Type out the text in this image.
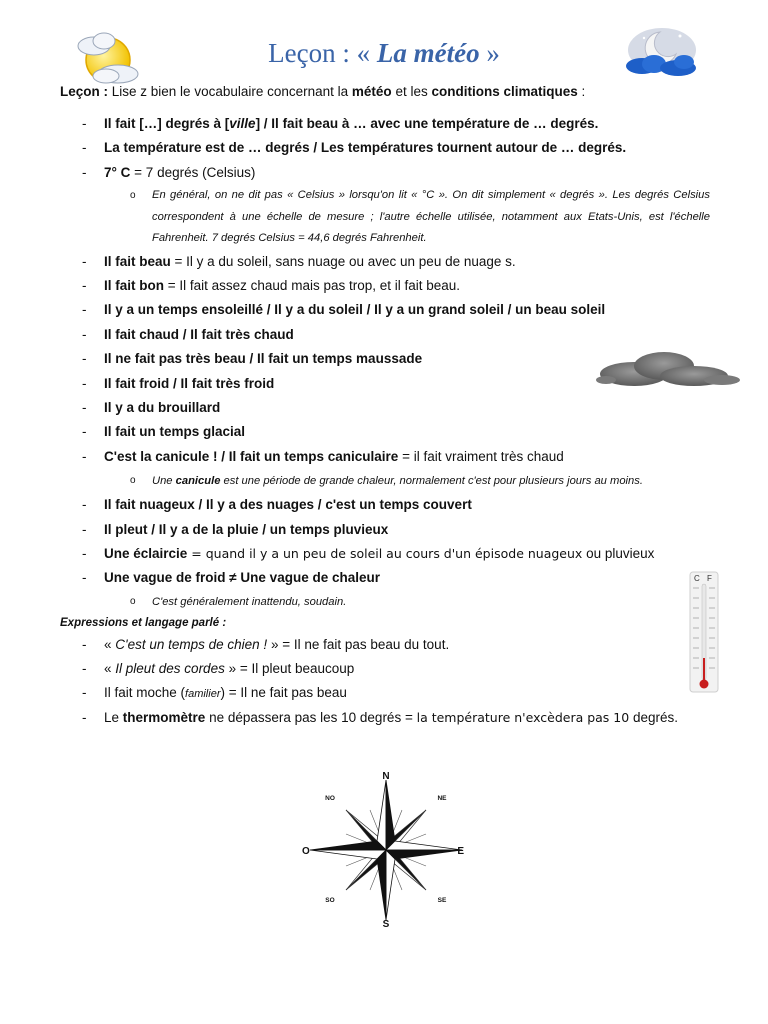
Leçon : « La météo »
Leçon : Lise z bien le vocabulaire concernant la météo et les conditions climatiques :
- Il fait […] degrés à [ville] / Il fait beau à … avec une température de … degrés.
- La température est de … degrés / Les températures tournent autour de … degrés.
- 7° C = 7 degrés (Celsius)
o En général, on ne dit pas « Celsius » lorsqu'on lit « °C ». On dit simplement « degrés ». Les degrés Celsius correspondent à une échelle de mesure ; l'autre échelle utilisée, notamment aux Etats-Unis, est l'échelle Fahrenheit. 7 degrés Celsius = 44,6 degrés Fahrenheit.
- Il fait beau = Il y a du soleil, sans nuage ou avec un peu de nuage s.
- Il fait bon = Il fait assez chaud mais pas trop, et il fait beau.
- Il y a un temps ensoleillé / Il y a du soleil / Il y a un grand soleil / un beau soleil
- Il fait chaud / Il fait très chaud
- Il ne fait pas très beau / Il fait un temps maussade
- Il fait froid / Il fait très froid
- Il y a du brouillard
- Il fait un temps glacial
- C'est la canicule ! / Il fait un temps caniculaire = il fait vraiment très chaud
o Une canicule est une période de grande chaleur, normalement c'est pour plusieurs jours au moins.
- Il fait nuageux / Il y a des nuages / c'est un temps couvert
- Il pleut / Il y a de la pluie / un temps pluvieux
- Une éclaircie = quand il y a un peu de soleil au cours d'un épisode nuageux ou pluvieux
- Une vague de froid ≠ Une vague de chaleur
o C'est généralement inattendu, soudain.
C F
Expressions et langage parlé :
- « C'est un temps de chien ! » = Il ne fait pas beau du tout.
- « Il pleut des cordes » = Il pleut beaucoup
- Il fait moche (familier) = Il ne fait pas beau
- Le thermomètre ne dépassera pas les 10 degrés = la température n'excèdera pas 10 degrés.
N
S
O	E
NO	NE
SO	SE
